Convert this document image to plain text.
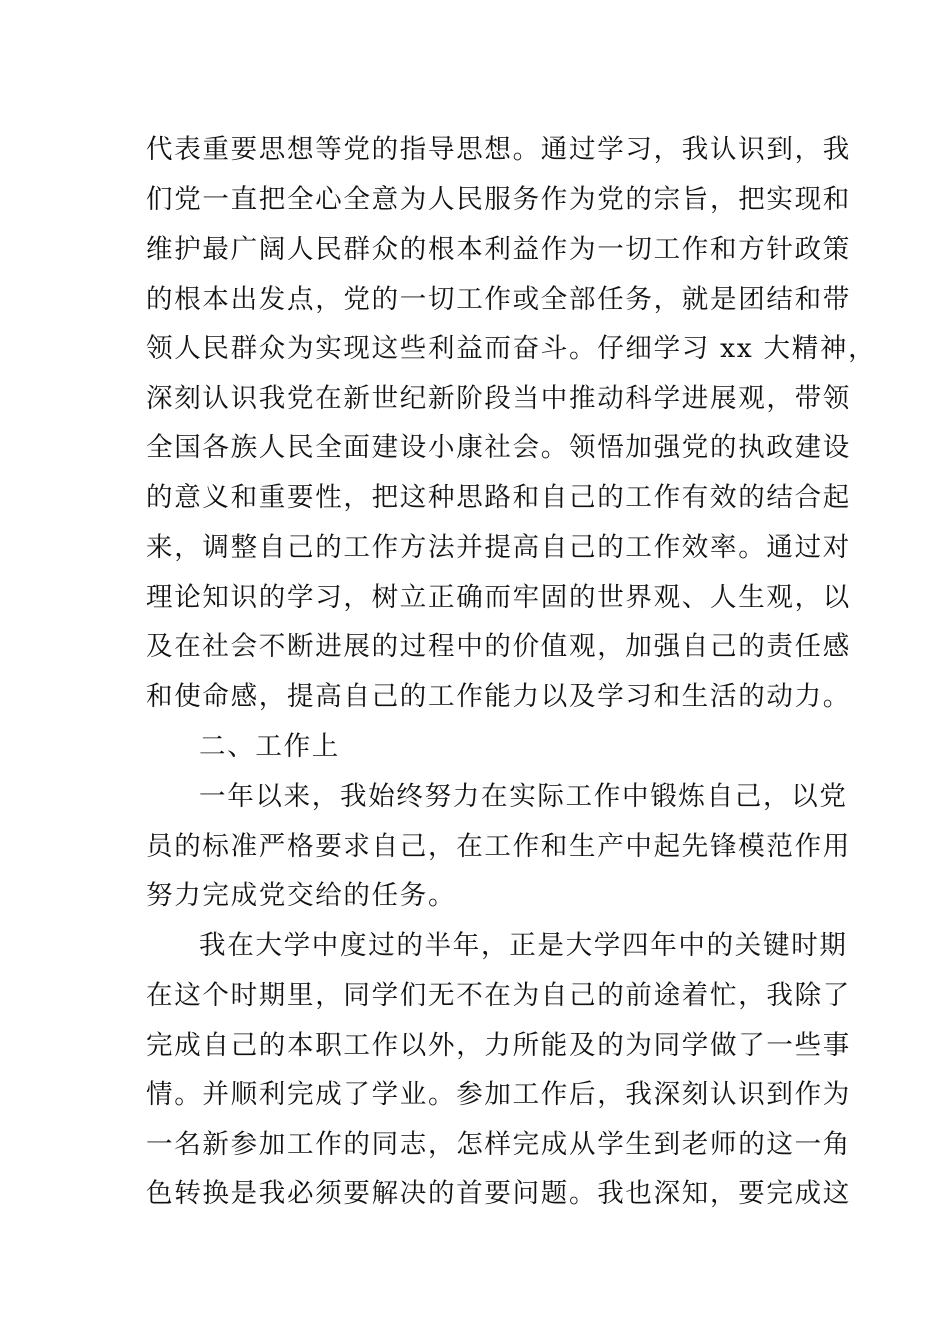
代表重要思想等党的指导思想。通过学习，我认识到，我
们党一直把全心全意为人民服务作为党的宗旨，把实现和
维护最广阔人民群众的根本利益作为一切工作和方针政策
的根本出发点，党的一切工作或全部任务，就是团结和带
领人民群众为实现这些利益而奋斗。仔细学习 xx 大精神，
深刻认识我党在新世纪新阶段当中推动科学进展观，带领
全国各族人民全面建设小康社会。领悟加强党的执政建设
的意义和重要性，把这种思路和自己的工作有效的结合起
来，调整自己的工作方法并提高自己的工作效率。通过对
理论知识的学习，树立正确而牢固的世界观、人生观，以
及在社会不断进展的过程中的价值观，加强自己的责任感
和使命感，提高自己的工作能力以及学习和生活的动力。
二、工作上
一年以来，我始终努力在实际工作中锻炼自己，以党
员的标准严格要求自己，在工作和生产中起先锋模范作用
努力完成党交给的任务。
我在大学中度过的半年，正是大学四年中的关键时期
在这个时期里，同学们无不在为自己的前途着忙，我除了
完成自己的本职工作以外，力所能及的为同学做了一些事
情。并顺利完成了学业。参加工作后，我深刻认识到作为
一名新参加工作的同志，怎样完成从学生到老师的这一角
色转换是我必须要解决的首要问题。我也深知，要完成这
